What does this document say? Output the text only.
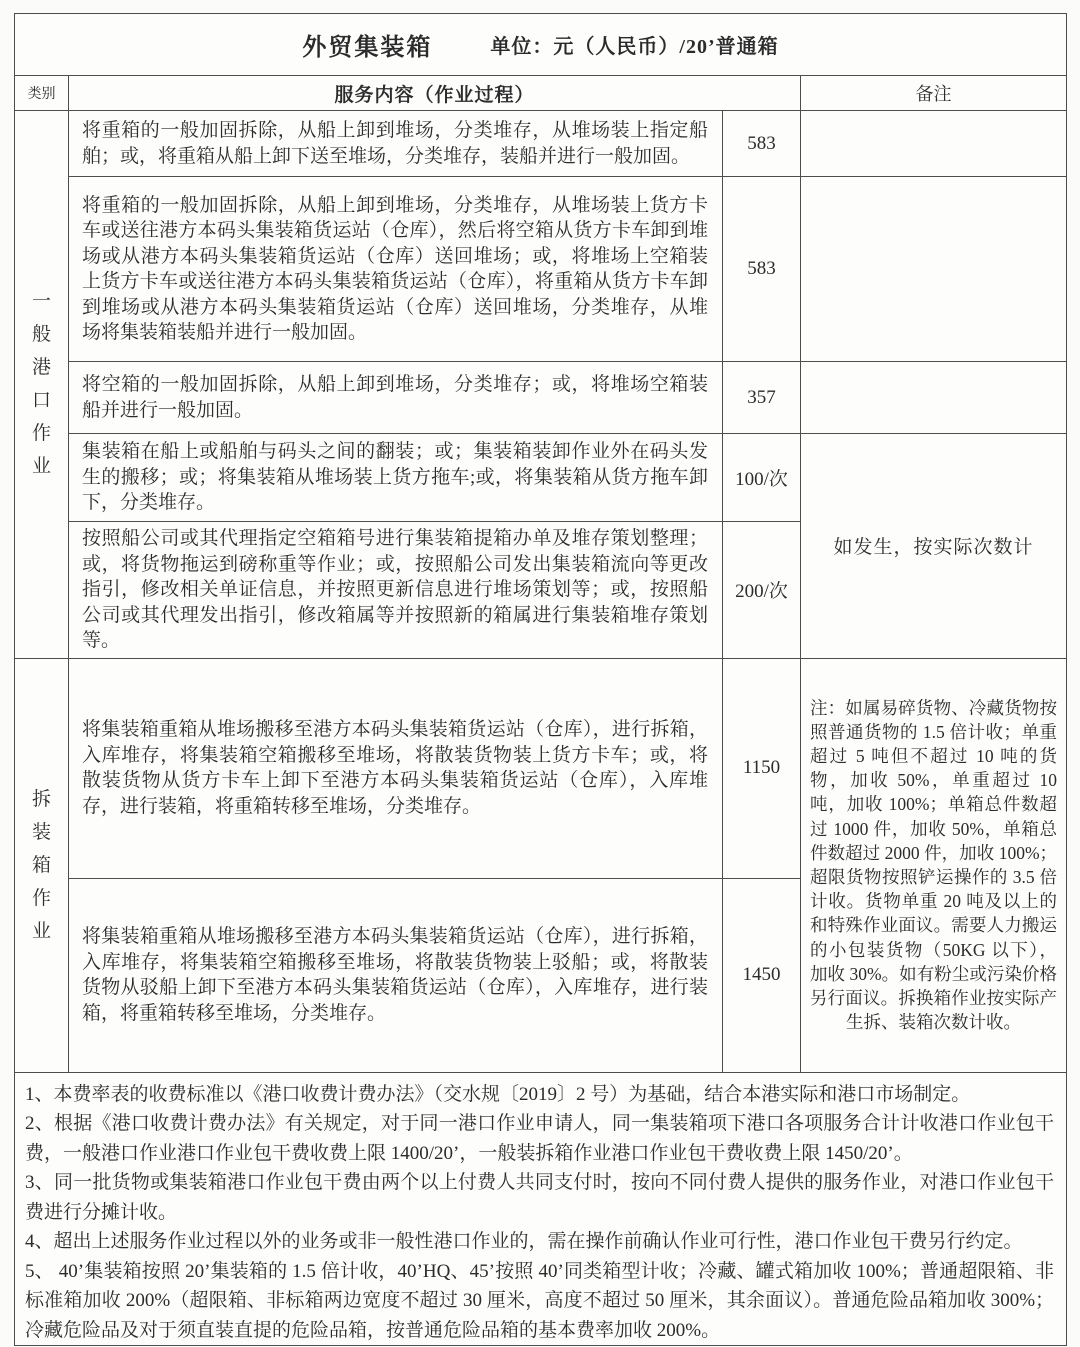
外贸集装箱 单位：元（人民币）/20’普通箱			

类别	服务内容（作业过程）		备注

一般港口作业	将重箱的一般加固拆除，从船上卸到堆场，分类堆存，从堆场装上指定船舶；或，将重箱从船上卸下送至堆场，分类堆存，装船并进行一般加固。	583	
	将重箱的一般加固拆除，从船上卸到堆场，分类堆存，从堆场装上货方卡车或送往港方本码头集装箱货运站（仓库），然后将空箱从货方卡车卸到堆场或从港方本码头集装箱货运站（仓库）送回堆场；或，将堆场上空箱装上货方卡车或送往港方本码头集装箱货运站（仓库），将重箱从货方卡车卸到堆场或从港方本码头集装箱货运站（仓库）送回堆场，分类堆存，从堆场将集装箱装船并进行一般加固。	583	
	将空箱的一般加固拆除，从船上卸到堆场，分类堆存；或，将堆场空箱装船并进行一般加固。	357	
	集装箱在船上或船舶与码头之间的翻装；或；集装箱装卸作业外在码头发生的搬移；或；将集装箱从堆场装上货方拖车;或，将集装箱从货方拖车卸下，分类堆存。	100/次	如发生，按实际次数计
	按照船公司或其代理指定空箱箱号进行集装箱提箱办单及堆存策划整理；或，将货物拖运到磅称重等作业；或，按照船公司发出集装箱流向等更改指引，修改相关单证信息，并按照更新信息进行堆场策划等；或，按照船公司或其代理发出指引，修改箱属等并按照新的箱属进行集装箱堆存策划等。	200/次	

拆装箱作业	将集装箱重箱从堆场搬移至港方本码头集装箱货运站（仓库），进行拆箱，入库堆存，将集装箱空箱搬移至堆场，将散装货物装上货方卡车；或，将散装货物从货方卡车上卸下至港方本码头集装箱货运站（仓库），入库堆存，进行装箱，将重箱转移至堆场，分类堆存。	1150	注：如属易碎货物、冷藏货物按照普通货物的 1.5 倍计收；单重超过 5 吨但不超过 10 吨的货物，加收 50%，单重超过 10 吨，加收 100%；单箱总件数超过 1000 件，加收 50%，单箱总件数超过 2000 件，加收 100%；超限货物按照铲运操作的 3.5 倍计收。货物单重 20 吨及以上的和特殊作业面议。需要人力搬运的小包装货物（50KG 以下），加收 30%。如有粉尘或污染价格另行面议。拆换箱作业按实际产生拆、装箱次数计收。
	将集装箱重箱从堆场搬移至港方本码头集装箱货运站（仓库），进行拆箱，入库堆存，将集装箱空箱搬移至堆场，将散装货物装上驳船；或，将散装货物从驳船上卸下至港方本码头集装箱货运站（仓库），入库堆存，进行装箱，将重箱转移至堆场，分类堆存。	1450	

1、本费率表的收费标准以《港口收费计费办法》（交水规〔2019〕2 号）为基础，结合本港实际和港口市场制定。

2、根据《港口收费计费办法》有关规定，对于同一港口作业申请人，同一集装箱项下港口各项服务合计计收港口作业包干费，一般港口作业港口作业包干费收费上限 1400/20’，一般装拆箱作业港口作业包干费收费上限 1450/20’。

3、同一批货物或集装箱港口作业包干费由两个以上付费人共同支付时，按向不同付费人提供的服务作业，对港口作业包干费进行分摊计收。

4、超出上述服务作业过程以外的业务或非一般性港口作业的，需在操作前确认作业可行性，港口作业包干费另行约定。

5、 40’集装箱按照 20’集装箱的 1.5 倍计收，40’HQ、45’按照 40’同类箱型计收；冷藏、罐式箱加收 100%；普通超限箱、非标准箱加收 200%（超限箱、非标箱两边宽度不超过 30 厘米，高度不超过 50 厘米，其余面议）。普通危险品箱加收 300%；冷藏危险品及对于须直装直提的危险品箱，按普通危险品箱的基本费率加收 200%。			
